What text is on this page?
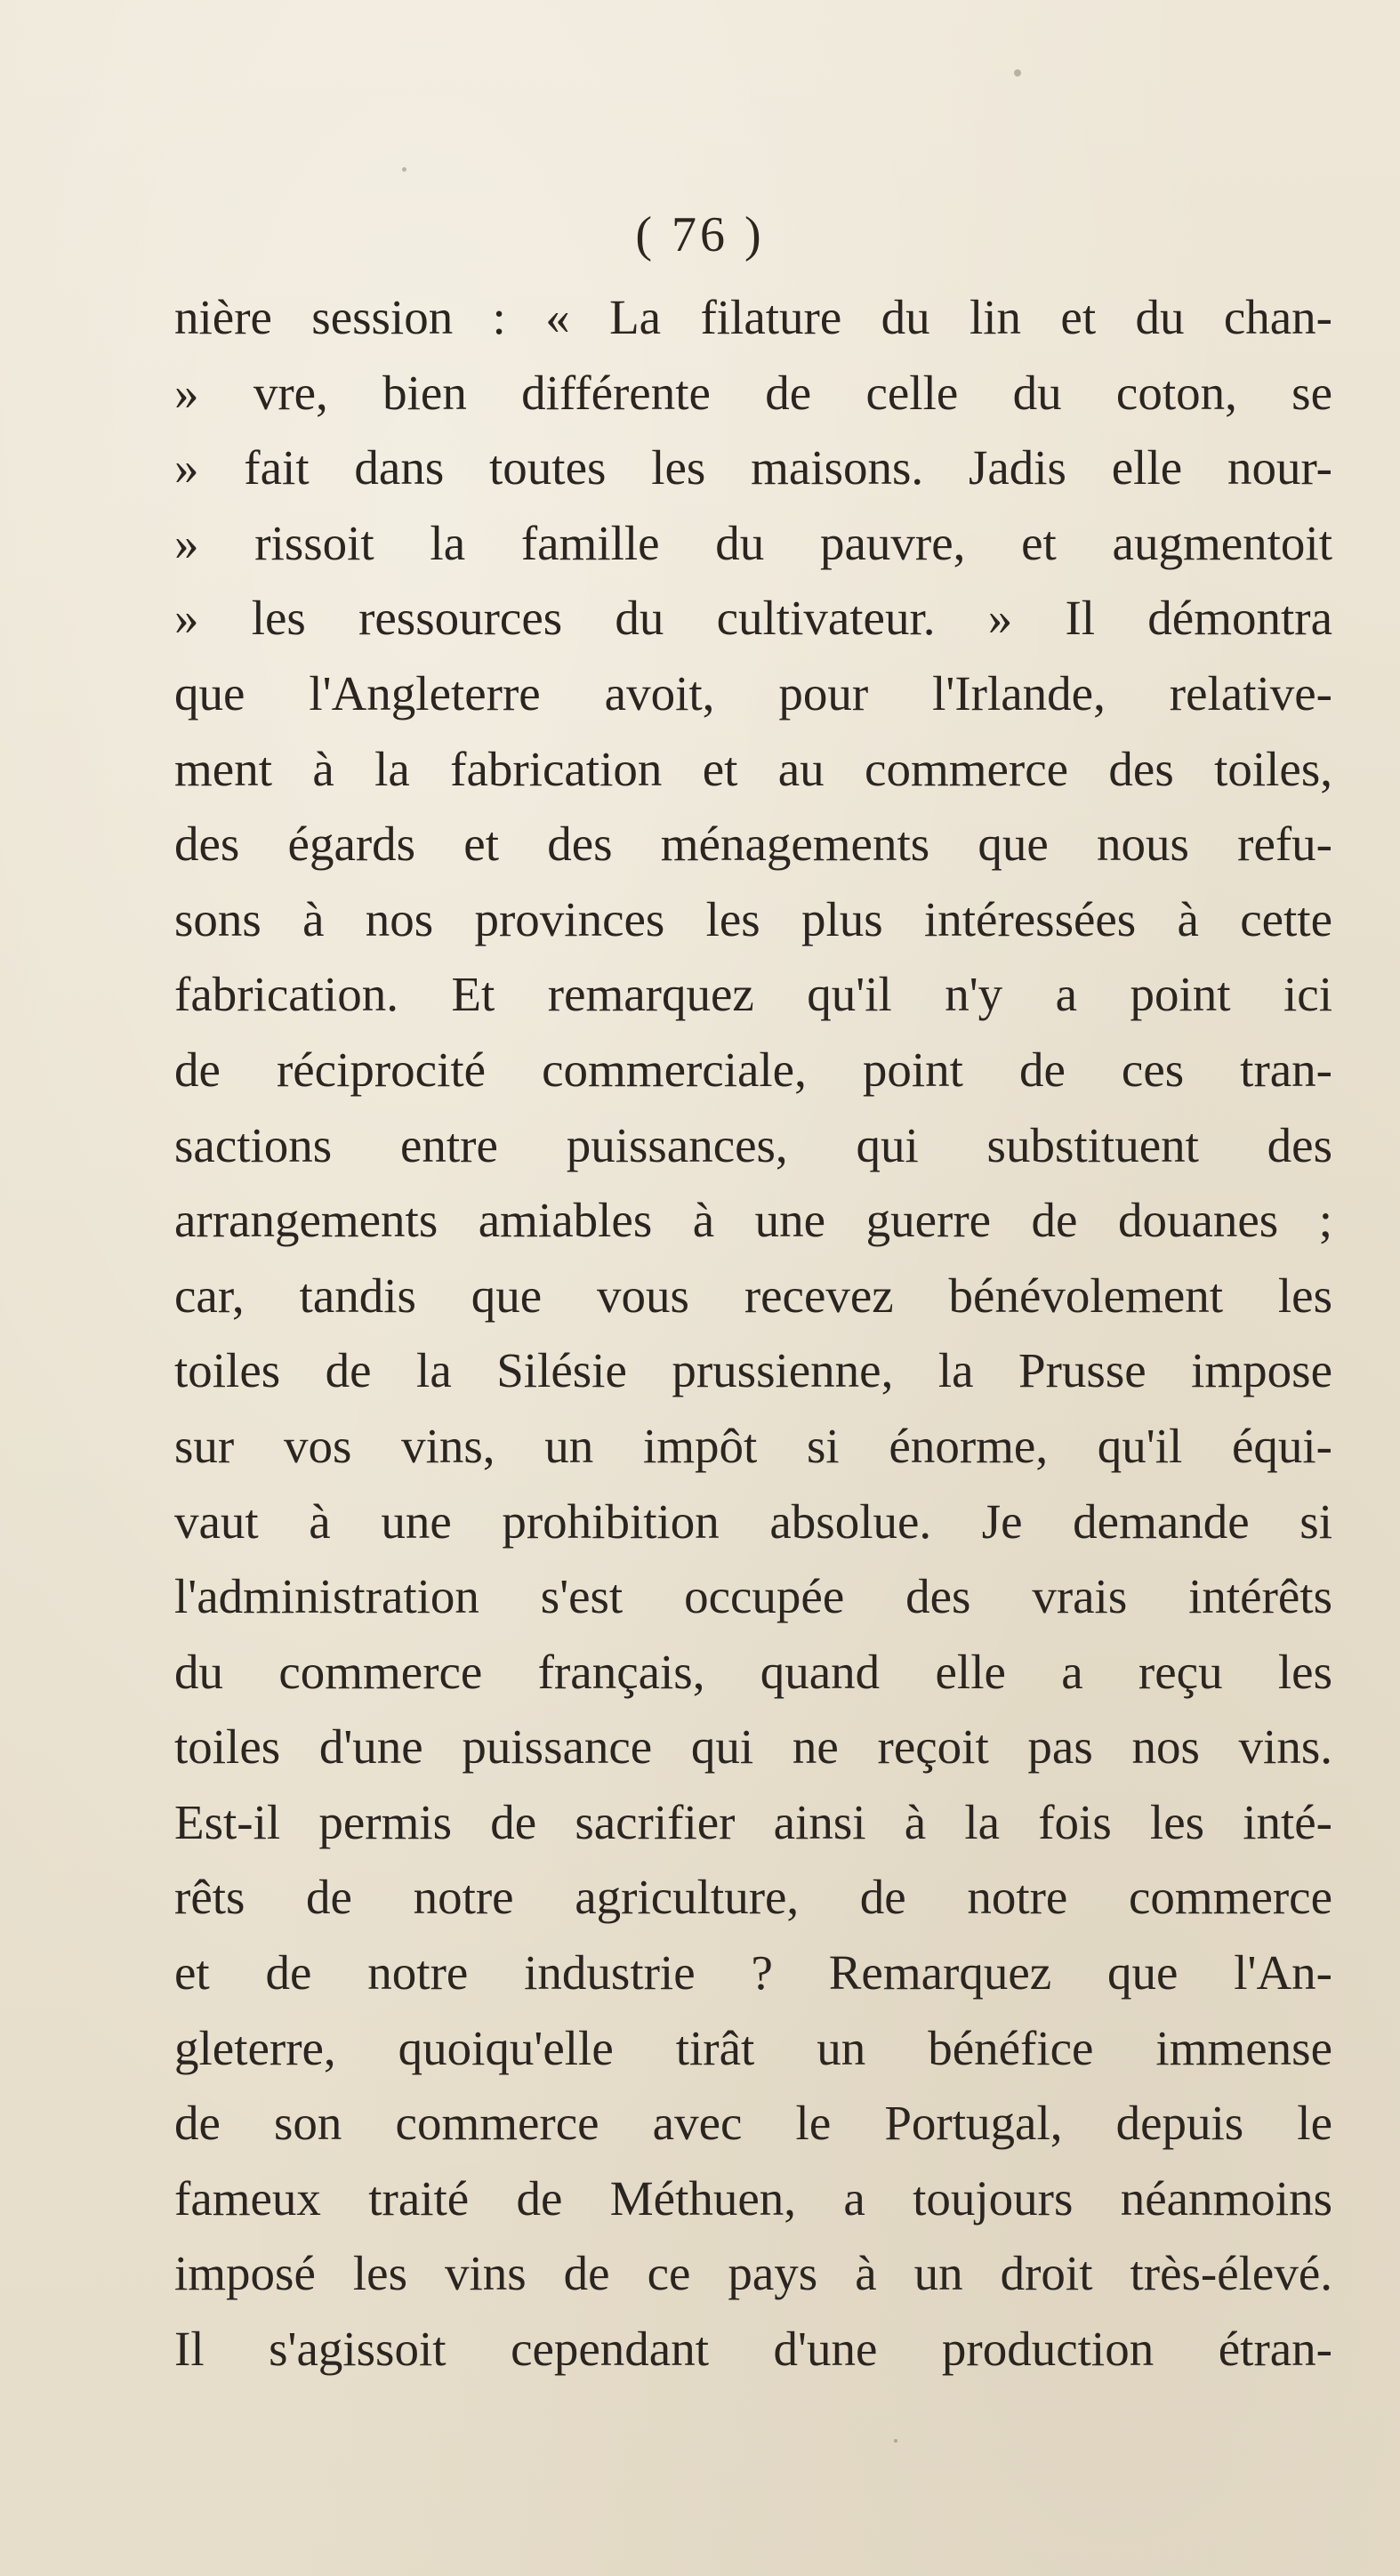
( 76 )
nière session : « La filature du lin et du chan-
» vre, bien différente de celle du coton, se
» fait dans toutes les maisons. Jadis elle nour-
» rissoit la famille du pauvre, et augmentoit
» les ressources du cultivateur. » Il démontra
que l'Angleterre avoit, pour l'Irlande, relative-
ment à la fabrication et au commerce des toiles,
des égards et des ménagements que nous refu-
sons à nos provinces les plus intéressées à cette
fabrication. Et remarquez qu'il n'y a point ici
de réciprocité commerciale, point de ces tran-
sactions entre puissances, qui substituent des
arrangements amiables à une guerre de douanes ;
car, tandis que vous recevez bénévolement les
toiles de la Silésie prussienne, la Prusse impose
sur vos vins, un impôt si énorme, qu'il équi-
vaut à une prohibition absolue. Je demande si
l'administration s'est occupée des vrais intérêts
du commerce français, quand elle a reçu les
toiles d'une puissance qui ne reçoit pas nos vins.
Est-il permis de sacrifier ainsi à la fois les inté-
rêts de notre agriculture, de notre commerce
et de notre industrie ? Remarquez que l'An-
gleterre, quoiqu'elle tirât un bénéfice immense
de son commerce avec le Portugal, depuis le
fameux traité de Méthuen, a toujours néanmoins
imposé les vins de ce pays à un droit très-élevé.
Il s'agissoit cependant d'une production étran-
